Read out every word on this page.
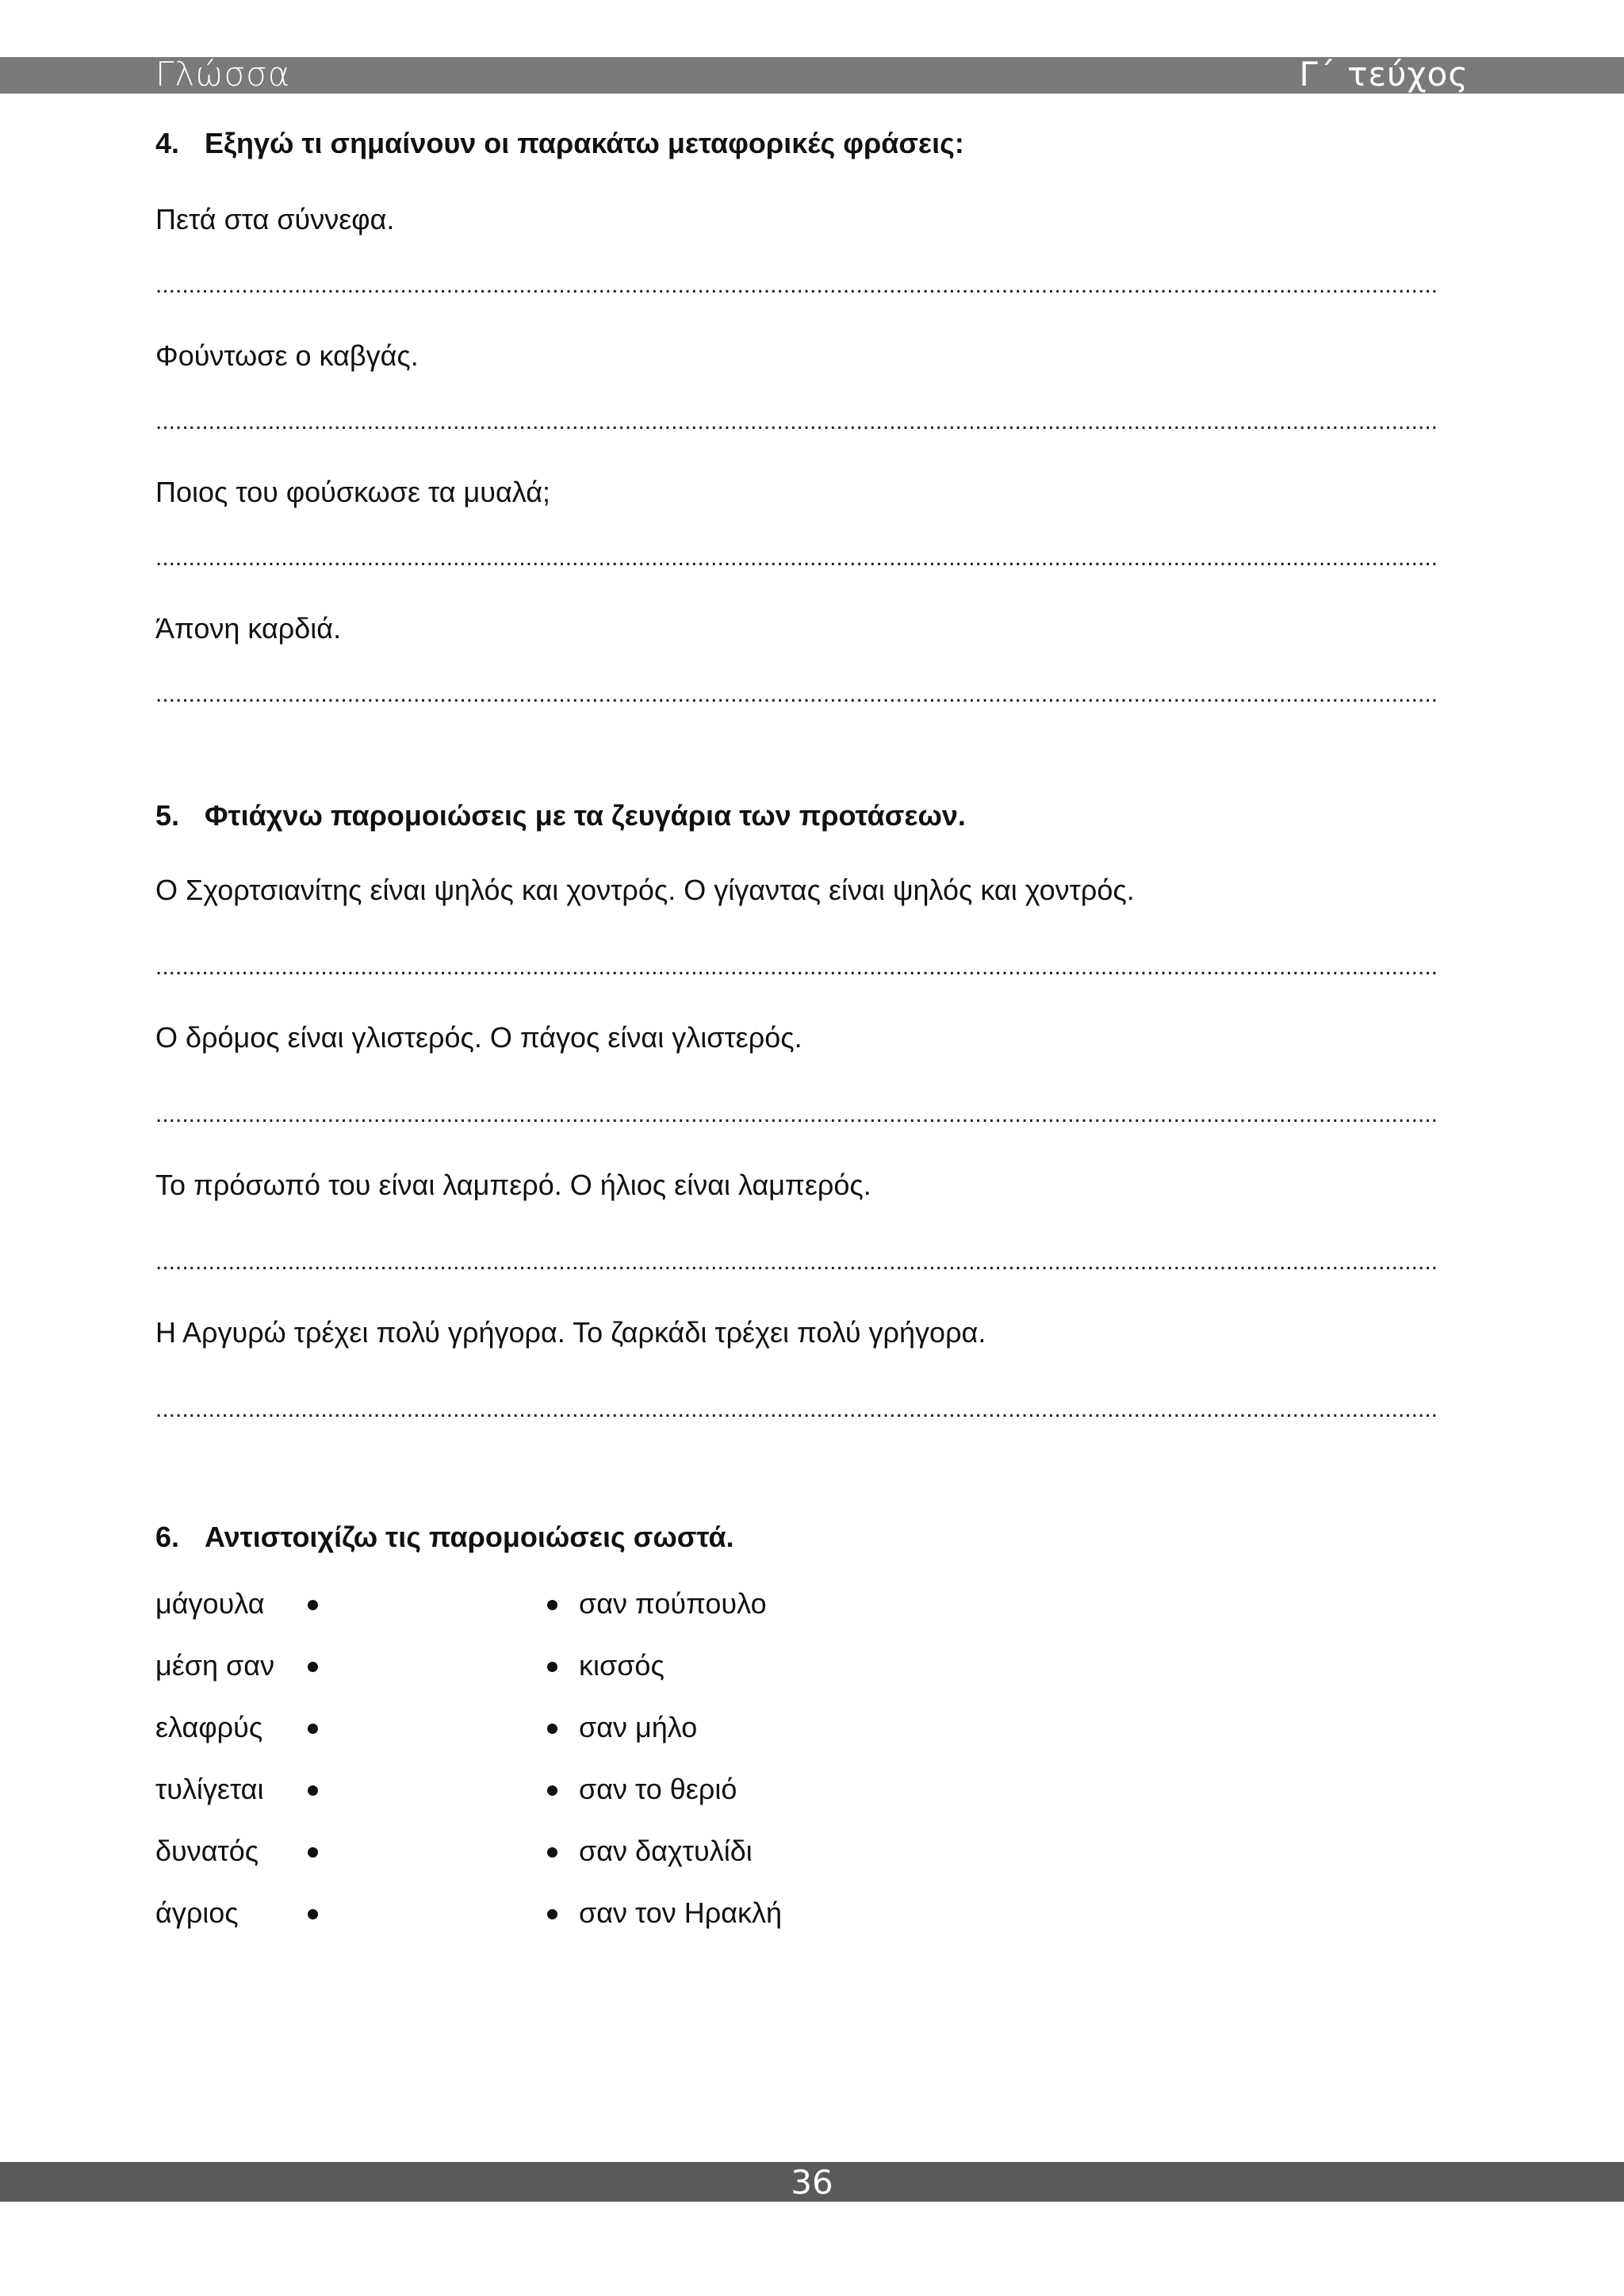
Γλώσσα	Γ΄ τεύχος

4. Εξηγώ τι σημαίνουν οι παρακάτω μεταφορικές φράσεις:

Πετά στα σύννεφα.
.....
Φούντωσε ο καβγάς.
.....
Ποιος του φούσκωσε τα μυαλά;
.....
Άπονη καρδιά.
.....

5. Φτιάχνω παρομοιώσεις με τα ζευγάρια των προτάσεων.

Ο Σχορτσιανίτης είναι ψηλός και χοντρός. Ο γίγαντας είναι ψηλός και χοντρός.
.....
Ο δρόμος είναι γλιστερός. Ο πάγος είναι γλιστερός.
.....
Το πρόσωπό του είναι λαμπερό. Ο ήλιος είναι λαμπερός.
.....
Η Αργυρώ τρέχει πολύ γρήγορα. Το ζαρκάδι τρέχει πολύ γρήγορα.
.....

6. Αντιστοιχίζω τις παρομοιώσεις σωστά.

μάγουλα	σαν πούπουλο
μέση σαν	κισσός
ελαφρύς	σαν μήλο
τυλίγεται	σαν το θεριό
δυνατός	σαν δαχτυλίδι
άγριος	σαν τον Ηρακλή
36
